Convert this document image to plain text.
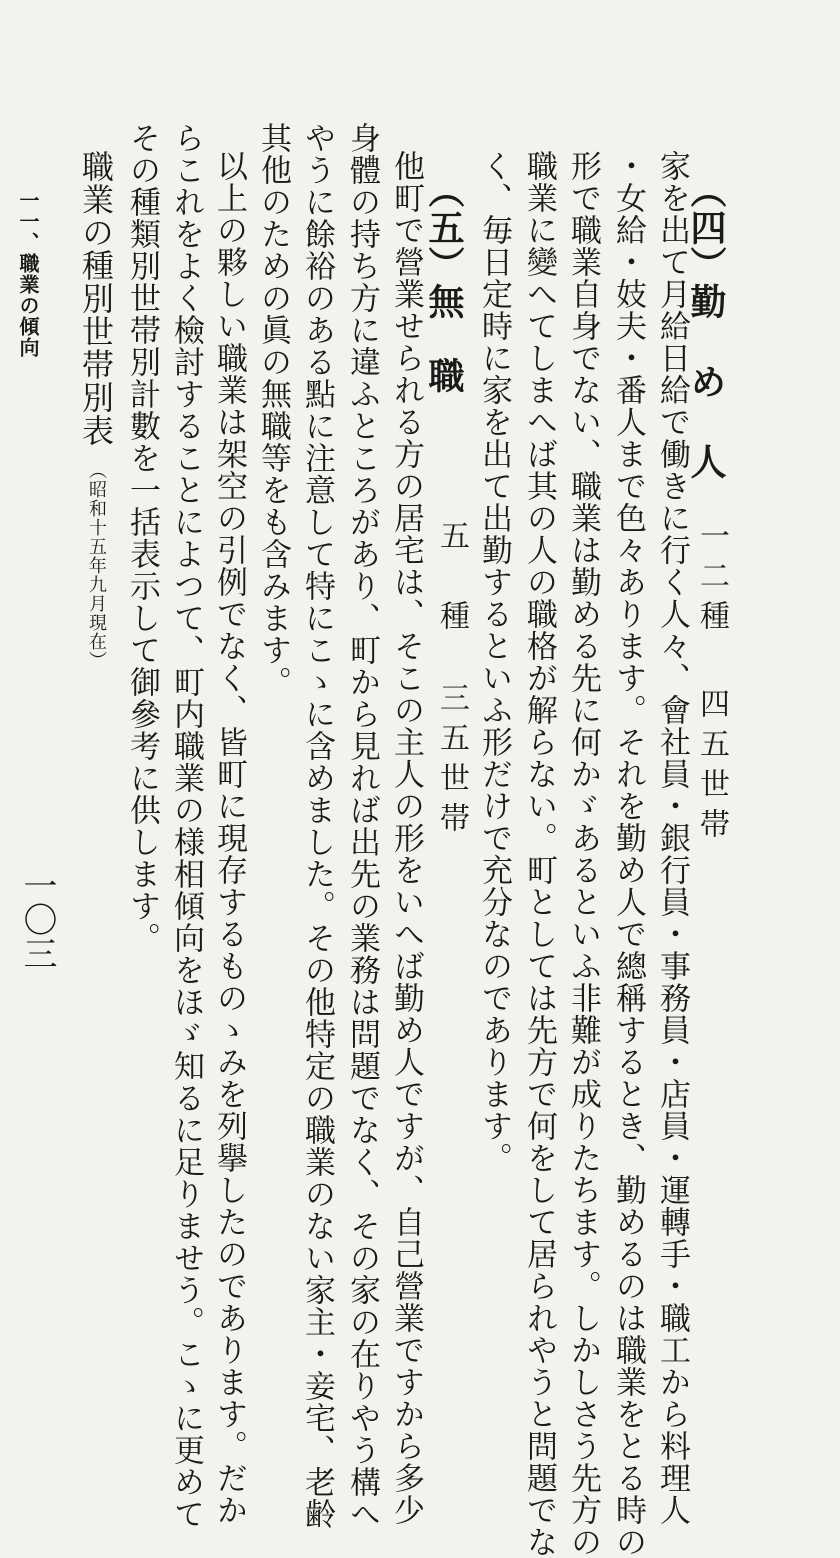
（四）勤 め 人
一二種四五世帯
家を出て月給日給で働きに行く人々、會社員・銀行員・事務員・店員・運轉手・職工から料理人
・女給・妓夫・番人まで色々あります。それを勤め人で總稱するとき、勤めるのは職業をとる時の
形で職業自身でない、職業は勤める先に何かゞあるといふ非難が成りたちます。しかしさう先方の
職業に變へてしまへば其の人の職格が解らない。町としては先方で何をして居られやうと問題でな
く、毎日定時に家を出て出勤するといふ形だけで充分なのであります。
（五）無　職
五　種三五世帯
他町で營業せられる方の居宅は、そこの主人の形をいへば勤め人ですが、自己營業ですから多少
身體の持ち方に違ふところがあり、町から見れば出先の業務は問題でなく、その家の在りやう構へ
やうに餘裕のある點に注意して特にこゝに含めました。その他特定の職業のない家主・妾宅、老齢
其他のための眞の無職等をも含みます。
以上の夥しい職業は架空の引例でなく、皆町に現存するものゝみを列擧したのであります。だか
らこれをよく檢討することによつて、町内職業の様相傾向をほゞ知るに足りませう。こゝに更めて
その種類別世帯別計數を一括表示して御參考に供します。
職業の種別世帯別表（昭和十五年九月現在）
一一、職業の傾向
一〇三
